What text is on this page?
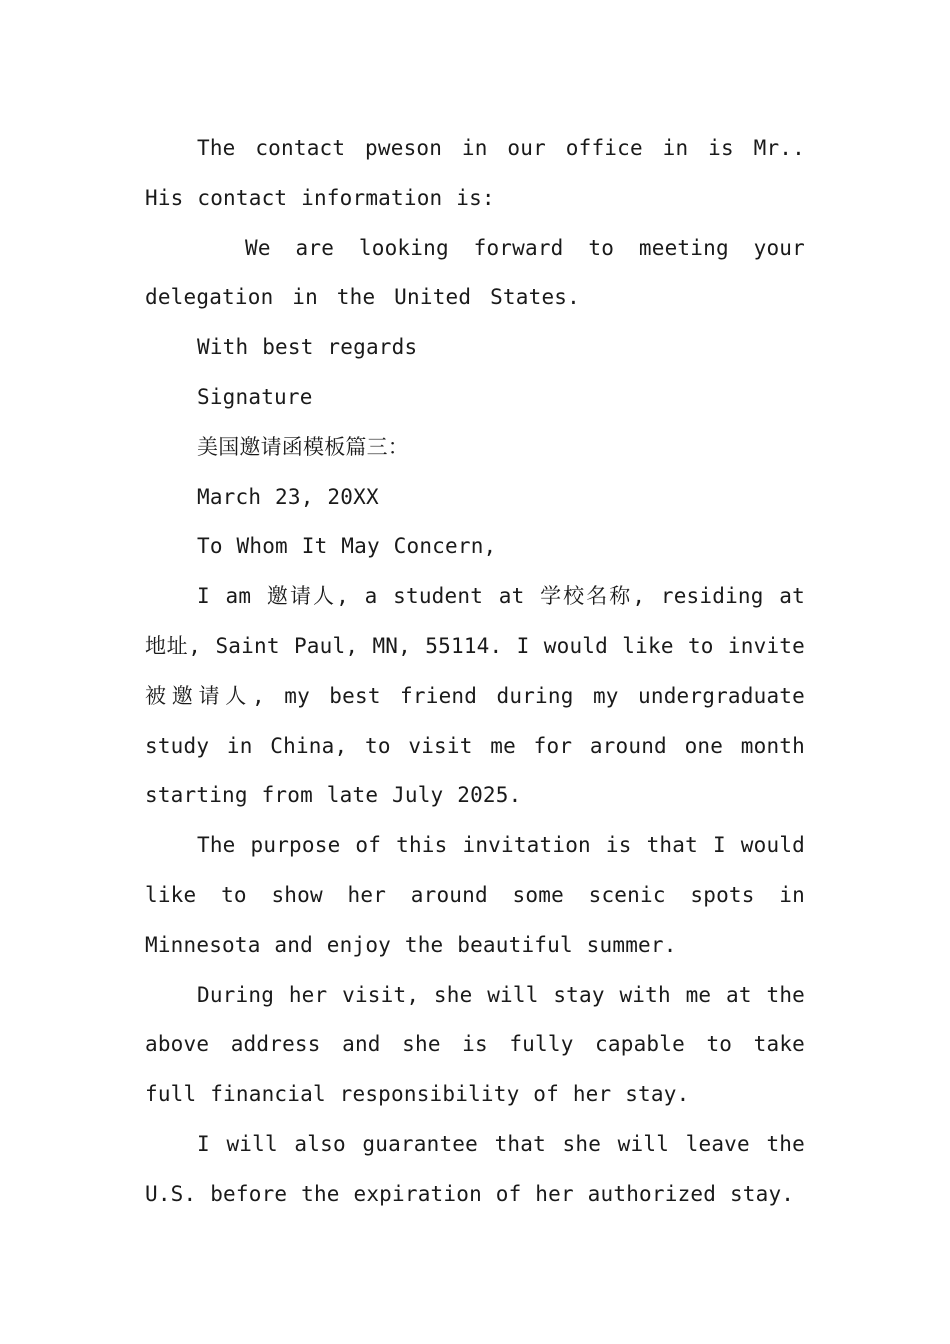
The contact pweson in our office in is Mr.. His contact information is:

We are looking forward to meeting your delegation in the United States.

With best regards

Signature

美国邀请函模板篇三：

March 23, 20XX

To Whom It May Concern,

I am 邀请人, a student at 学校名称, residing at 地址, Saint Paul, MN, 55114. I would like to invite 被邀请人, my best friend during my undergraduate study in China, to visit me for around one month starting from late July 2025.

The purpose of this invitation is that I would like to show her around some scenic spots in Minnesota and enjoy the beautiful summer.

During her visit, she will stay with me at the above address and she is fully capable to take full financial responsibility of her stay.

I will also guarantee that she will leave the U.S. before the expiration of her authorized stay.
